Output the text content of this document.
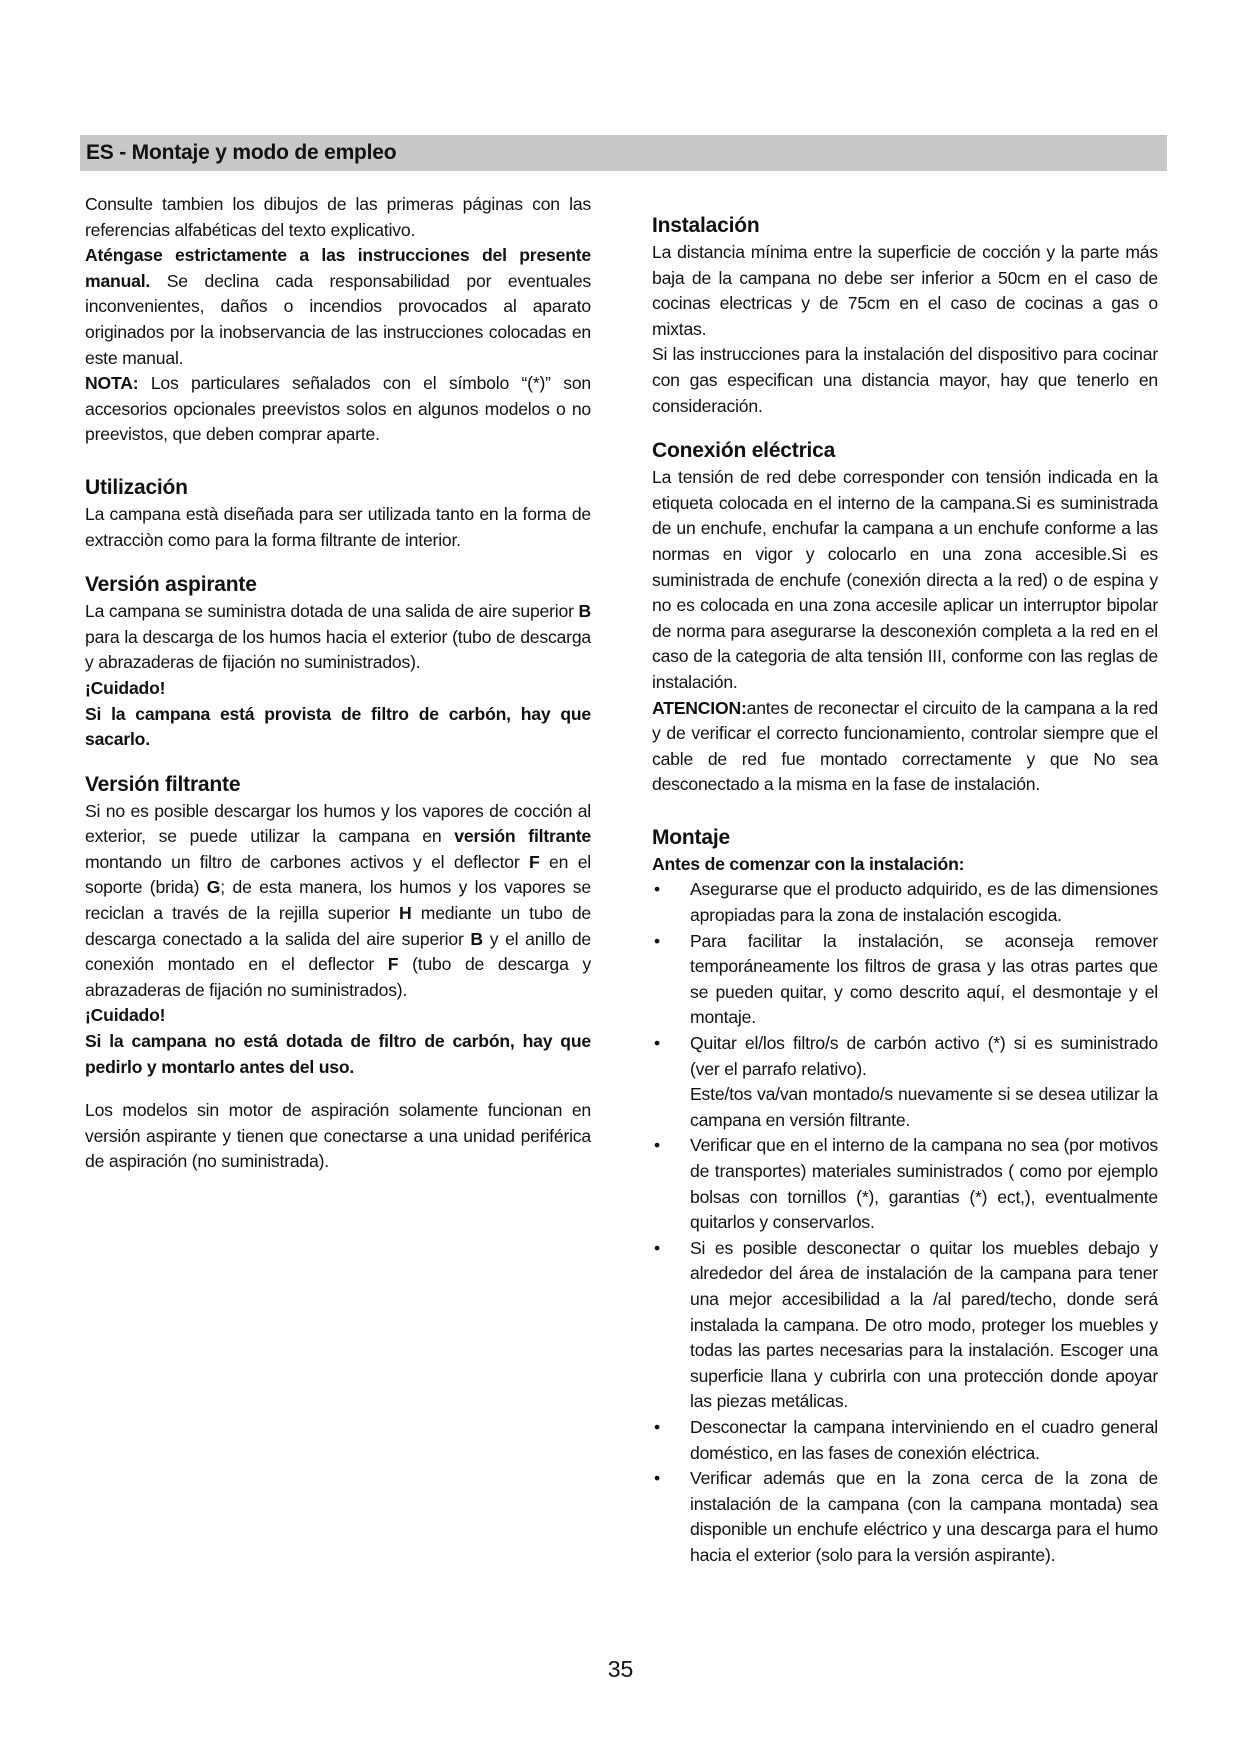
ES - Montaje y modo de empleo

Consulte tambien los dibujos de las primeras páginas con las referencias alfabéticas del texto explicativo.

Aténgase estrictamente a las instrucciones del presente manual. Se declina cada responsabilidad por eventuales inconvenientes, daños o incendios provocados al aparato originados por la inobservancia de las instrucciones colocadas en este manual.

NOTA: Los particulares señalados con el símbolo “(*)” son accesorios opcionales preevistos solos en algunos modelos o no preevistos, que deben comprar aparte.

Utilización

La campana està diseñada para ser utilizada tanto en la forma de extracciòn como para la forma filtrante de interior.

Versión aspirante

La campana se suministra dotada de una salida de aire superior B para la descarga de los humos hacia el exterior (tubo de descarga y abrazaderas de fijación no suministrados).

¡Cuidado!

Si la campana está provista de filtro de carbón, hay que sacarlo.

Versión filtrante

Si no es posible descargar los humos y los vapores de cocción al exterior, se puede utilizar la campana en versión filtrante montando un filtro de carbones activos y el deflector F en el soporte (brida) G; de esta manera, los humos y los vapores se reciclan a través de la rejilla superior H mediante un tubo de descarga conectado a la salida del aire superior B y el anillo de conexión montado en el deflector F (tubo de descarga y abrazaderas de fijación no suministrados).

¡Cuidado!

Si la campana no está dotada de filtro de carbón, hay que pedirlo y montarlo antes del uso.

Los modelos sin motor de aspiración solamente funcionan en versión aspirante y tienen que conectarse a una unidad periférica de aspiración (no suministrada).

Instalación

La distancia mínima entre la superficie de cocción y la parte más baja de la campana no debe ser inferior a 50cm en el caso de cocinas electricas y de 75cm en el caso de cocinas a gas o mixtas.

Si las instrucciones para la instalación del dispositivo para cocinar con gas especifican una distancia mayor, hay que tenerlo en consideración.

Conexión eléctrica

La tensión de red debe corresponder con tensión indicada en la etiqueta colocada en el interno de la campana.Si es suministrada de un enchufe, enchufar la campana a un enchufe conforme a las normas en vigor y colocarlo en una zona accesible.Si es suministrada de enchufe (conexión directa a la red) o de espina y no es colocada en una zona accesile aplicar un interruptor bipolar de norma para asegurarse la desconexión completa a la red en el caso de la categoria de alta tensión III, conforme con las reglas de instalación.

ATENCION:antes de reconectar el circuito de la campana a la red y de verificar el correcto funcionamiento, controlar siempre que el cable de red fue montado correctamente y que No sea desconectado a la misma en la fase de instalación.

Montaje

Antes de comenzar con la instalación:

• Asegurarse que el producto adquirido, es de las dimensiones apropiadas para la zona de instalación escogida.
• Para facilitar la instalación, se aconseja remover temporáneamente los filtros de grasa y las otras partes que se pueden quitar, y como descrito aquí, el desmontaje y el montaje.
• Quitar el/los filtro/s de carbón activo (*) si es suministrado (ver el parrafo relativo).
Este/tos va/van montado/s nuevamente si se desea utilizar la campana en versión filtrante.
• Verificar que en el interno de la campana no sea (por motivos de transportes) materiales suministrados ( como por ejemplo bolsas con tornillos (*), garantias (*) ect,), eventualmente quitarlos y conservarlos.
• Si es posible desconectar o quitar los muebles debajo y alrededor del área de instalación de la campana para tener una mejor accesibilidad a la /al pared/techo, donde será instalada la campana. De otro modo, proteger los muebles y todas las partes necesarias para la instalación. Escoger una superficie llana y cubrirla con una protección donde apoyar las piezas metálicas.
• Desconectar la campana interviniendo en el cuadro general doméstico, en las fases de conexión eléctrica.
• Verificar además que en la zona cerca de la zona de instalación de la campana (con la campana montada) sea disponible un enchufe eléctrico y una descarga para el humo hacia el exterior (solo para la versión aspirante).
35
